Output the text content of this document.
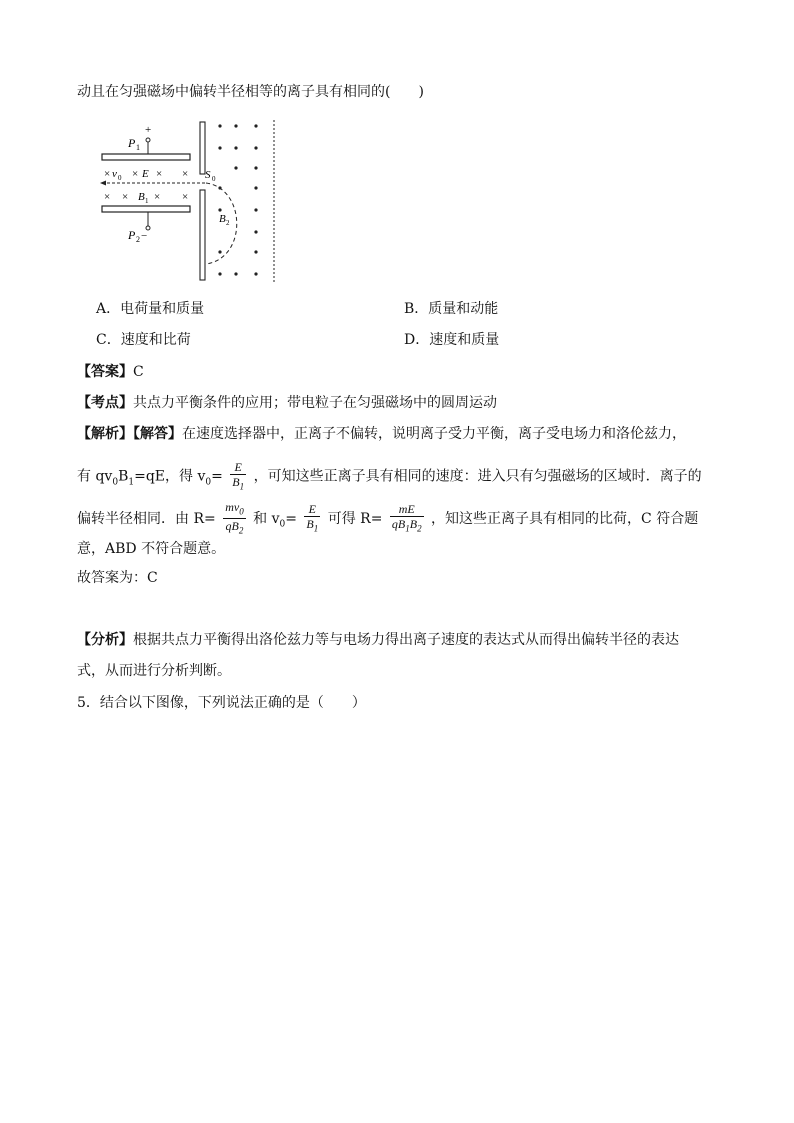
动且在匀强磁场中偏转半径相等的离子具有相同的(　　)
+
P 1
P 2 −
× v 0 × E × ×
× × B 1 × ×
S 0
B 2
A．电荷量和质量	B．质量和动能
C．速度和比荷	D．速度和质量
【答案】C
【考点】共点力平衡条件的应用；带电粒子在匀强磁场中的圆周运动
【解析】【解答】在速度选择器中，正离子不偏转，说明离子受力平衡，离子受电场力和洛伦兹力，
有 $qv_0B_1=qE$，得 $v_0= \frac{E}{B_1}$ ，可知这些正离子具有相同的速度：进入只有匀强磁场的区域时．离子的
偏转半径相同．由 $R= \frac{mv_0}{qB_2}$ 和 $v_0= \frac{E}{B_1}$ 可得 $R= \frac{mE}{qB_1B_2}$ ，知这些正离子具有相同的比荷，C 符合题
意，ABD 不符合题意。
故答案为：C
【分析】根据共点力平衡得出洛伦兹力等与电场力得出离子速度的表达式从而得出偏转半径的表达
式，从而进行分析判断。
5．结合以下图像，下列说法正确的是（　　）
